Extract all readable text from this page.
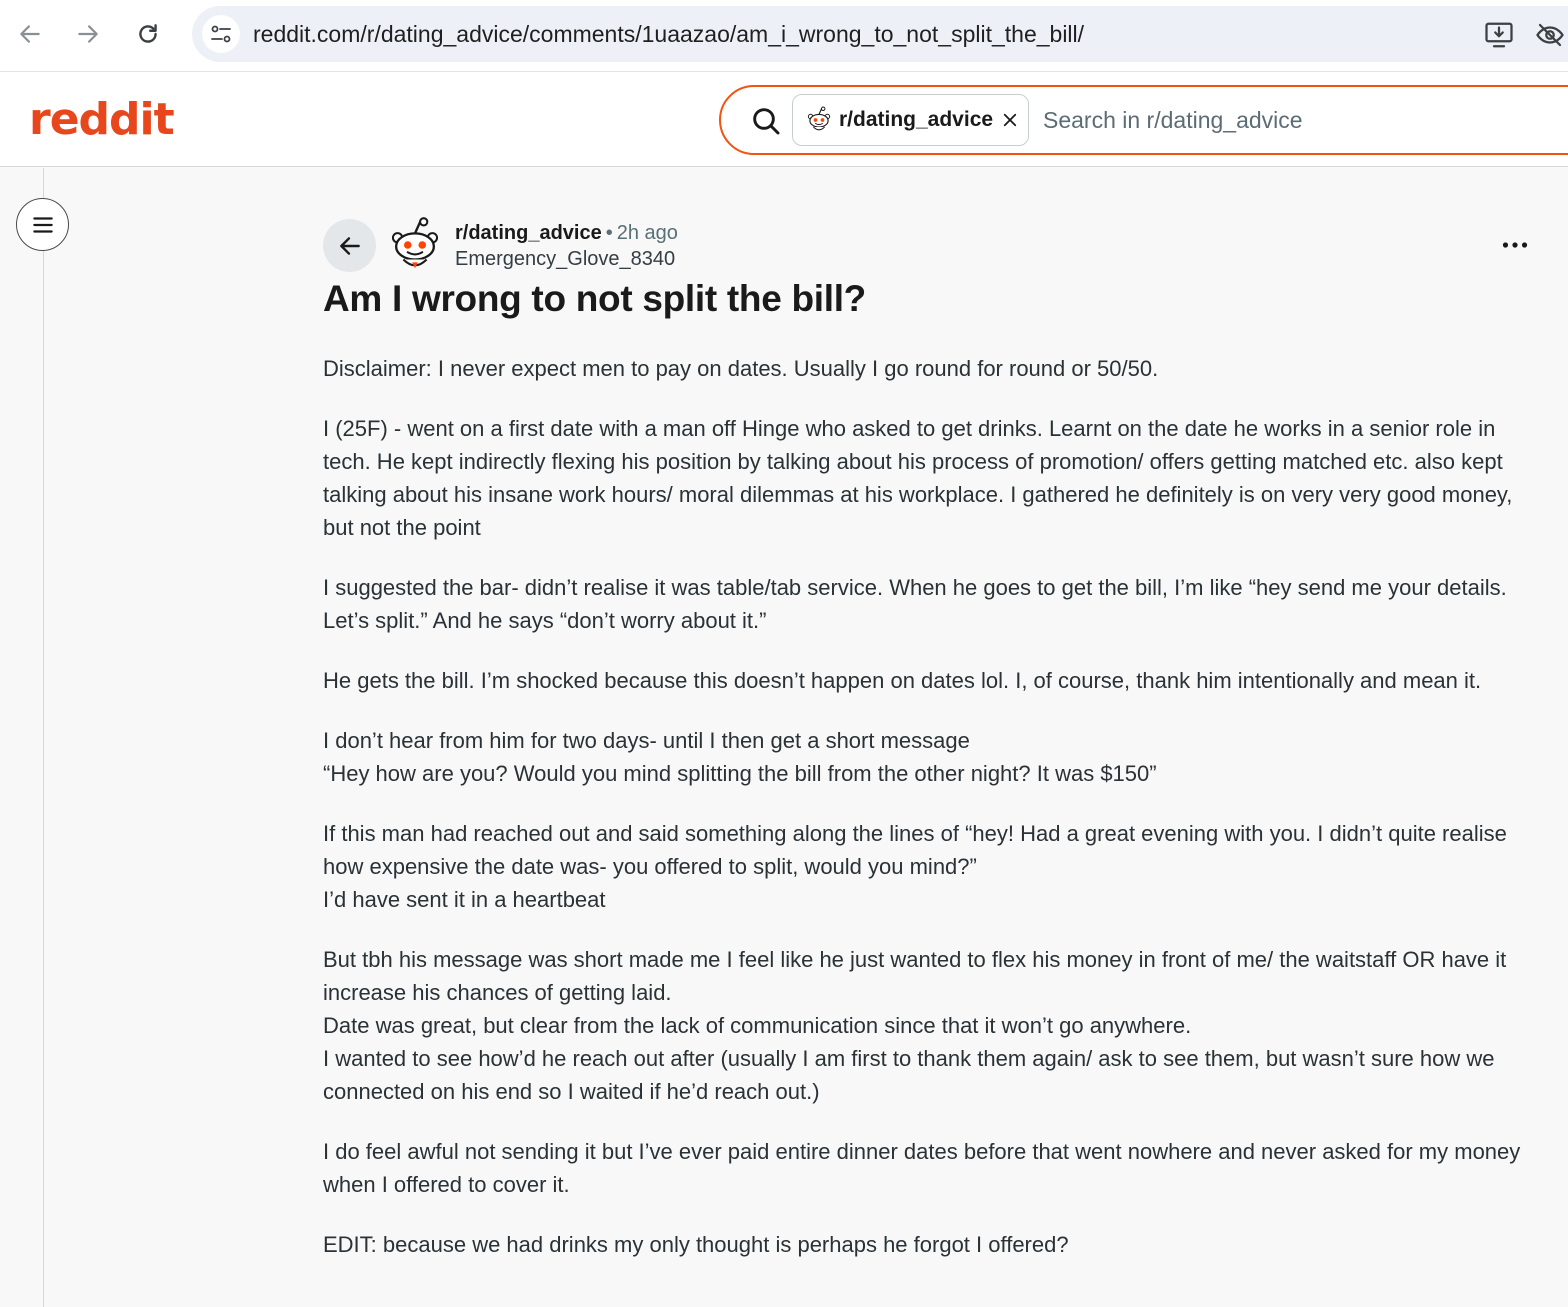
reddit.com/r/dating_advice/comments/1uaazao/am_i_wrong_to_not_split_the_bill/
reddit	r/dating_advice
Search in r/dating_advice
r/dating_advice • 2h ago
Emergency_Glove_8340
Am I wrong to not split the bill?

Disclaimer: I never expect men to pay on dates. Usually I go round for round or 50/50.

I (25F) - went on a first date with a man off Hinge who asked to get drinks. Learnt on the date he works in a senior role in tech. He kept indirectly flexing his position by talking about his process of promotion/ offers getting matched etc. also kept talking about his insane work hours/ moral dilemmas at his workplace. I gathered he definitely is on very very good money, but not the point

I suggested the bar- didn’t realise it was table/tab service. When he goes to get the bill, I’m like “hey send me your details. Let’s split.” And he says “don’t worry about it.”

He gets the bill. I’m shocked because this doesn’t happen on dates lol. I, of course, thank him intentionally and mean it.

I don’t hear from him for two days- until I then get a short message
“Hey how are you? Would you mind splitting the bill from the other night? It was $150”

If this man had reached out and said something along the lines of “hey! Had a great evening with you. I didn’t quite realise how expensive the date was- you offered to split, would you mind?”
I’d have sent it in a heartbeat

But tbh his message was short made me I feel like he just wanted to flex his money in front of me/ the waitstaff OR have it increase his chances of getting laid.
Date was great, but clear from the lack of communication since that it won’t go anywhere.
I wanted to see how’d he reach out after (usually I am first to thank them again/ ask to see them, but wasn’t sure how we connected on his end so I waited if he’d reach out.)

I do feel awful not sending it but I’ve ever paid entire dinner dates before that went nowhere and never asked for my money when I offered to cover it.

EDIT: because we had drinks my only thought is perhaps he forgot I offered?
